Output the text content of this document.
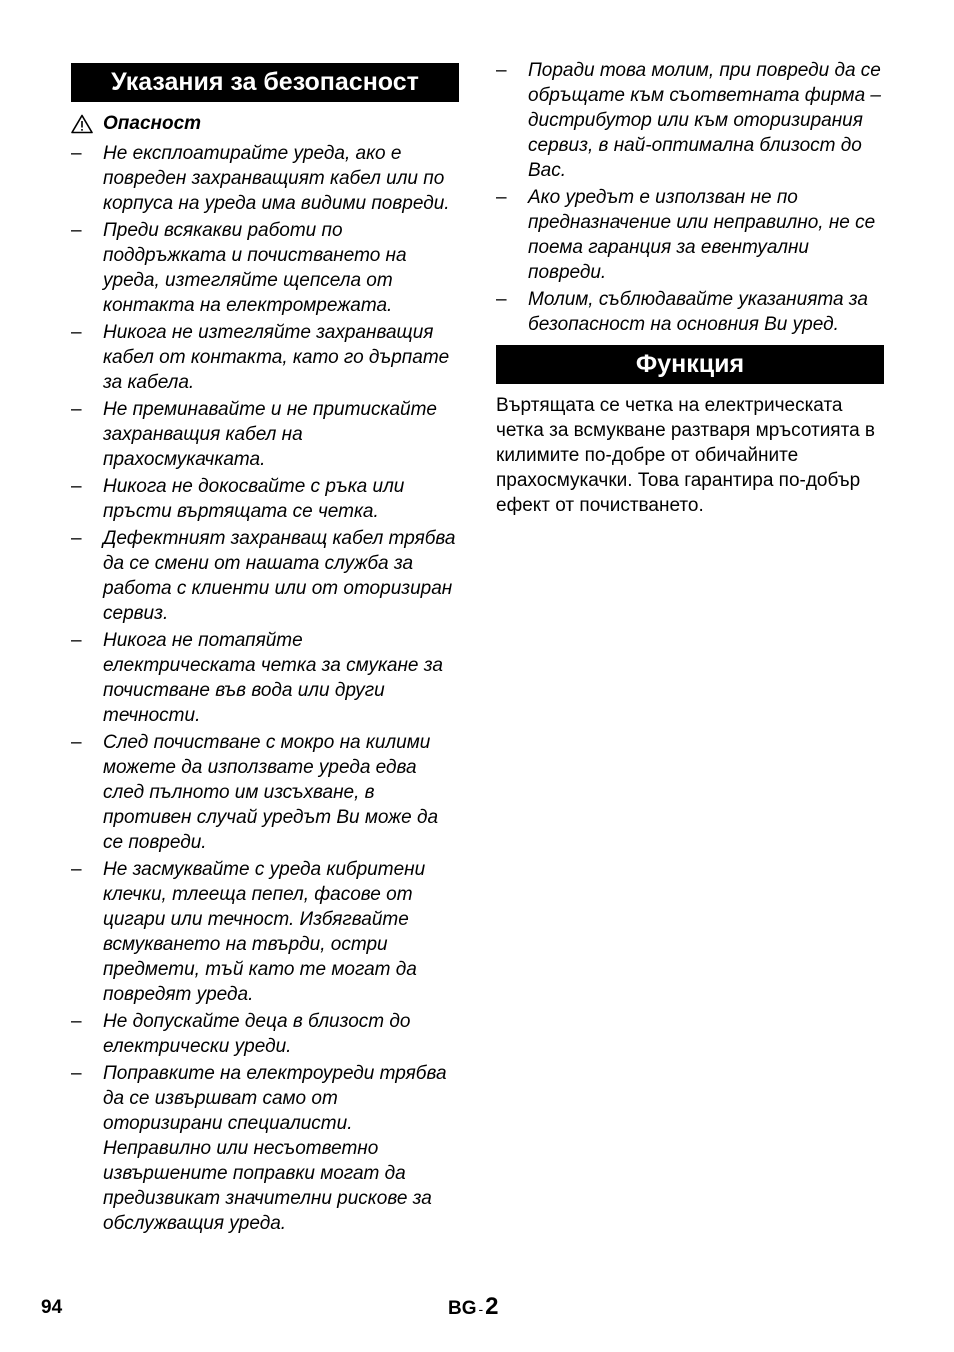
Указания за безопасност
Опасност
– Не експлоатирайте уреда, ако е повреден захранващият кабел или по корпуса на уреда има видими повреди.
– Преди всякакви работи по поддръжката и почистването на уреда, изтегляйте щепсела от контакта на електромрежата.
– Никога не изтегляйте захранващия кабел от контакта, като го дърпате за кабела.
– Не преминавайте и не притискайте захранващия кабел на прахосмукачката.
– Никога не докосвайте с ръка или пръсти въртящата се четка.
– Дефектният захранващ кабел трябва да се смени от нашата служба за работа с клиенти или от оторизиран сервиз.
– Никога не потапяйте електрическата четка за смукане за почистване във вода или други течности.
– След почистване с мокро на килими можете да използвате уреда едва след пълното им изсъхване, в противен случай уредът Ви може да се повреди.
– Не засмуквайте с уреда кибритени клечки, тлееща пепел, фасове от цигари или течност. Избягвайте всмукването на твърди, остри предмети, тъй като те могат да повредят уреда.
– Не допускайте деца в близост до електрически уреди.
– Поправките на електроуреди трябва да се извършват само от оторизирани специалисти. Неправилно или несъответно извършените поправки могат да предизвикат значителни рискове за обслужващия уреда.
– Поради това молим, при повреди да се обръщате към съответната фирма – дистрибутор или към оторизирания сервиз, в най-оптимална близост до Вас.
– Ако уредът е използван не по предназначение или неправилно, не се поема гаранция за евентуални повреди.
– Молим, съблюдавайте указанията за безопасност на основния Ви уред.
Функция
Въртящата се четка на електрическата четка за всмукване разтваря мръсотията в килимите по-добре от обичайните прахосмукачки. Това гарантира по-добър ефект от почистването.
94	BG -2
